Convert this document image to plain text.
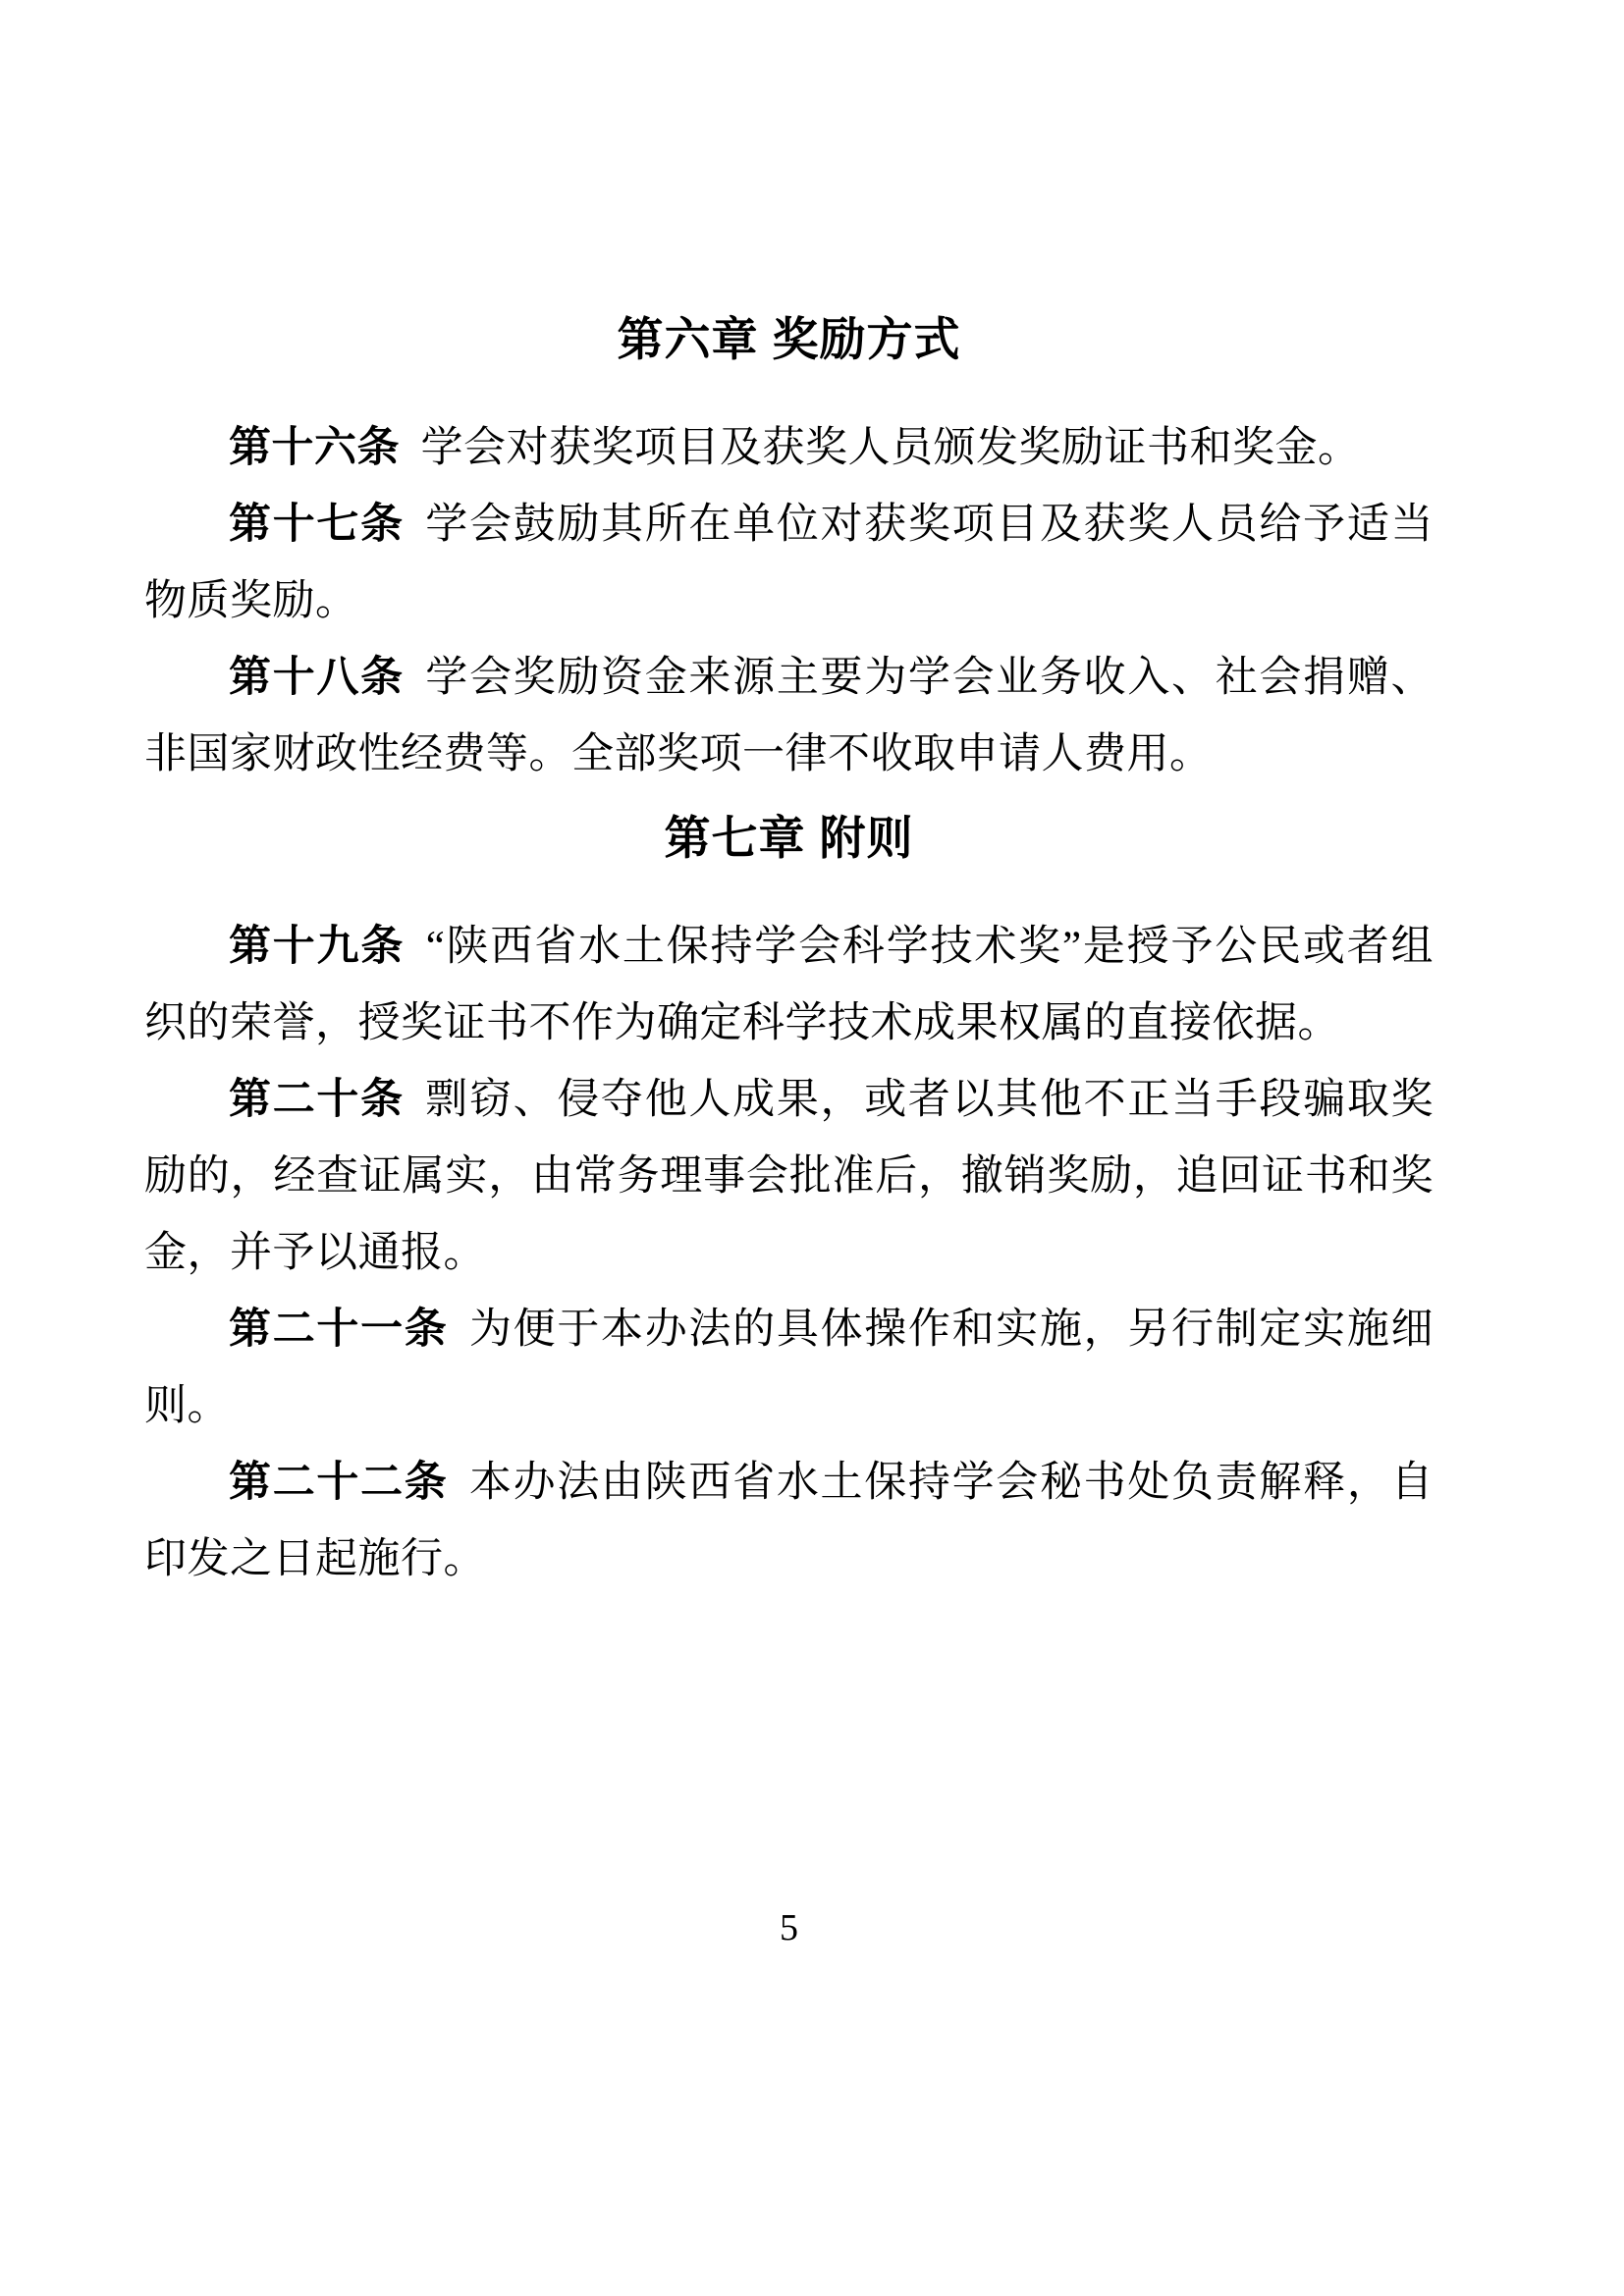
第六章 奖励方式

第十六条 学会对获奖项目及获奖人员颁发奖励证书和奖金。

第十七条 学会鼓励其所在单位对获奖项目及获奖人员给予适当物质奖励。

第十八条 学会奖励资金来源主要为学会业务收入、社会捐赠、非国家财政性经费等。全部奖项一律不收取申请人费用。

第七章 附则

第十九条 “陕西省水土保持学会科学技术奖”是授予公民或者组织的荣誉，授奖证书不作为确定科学技术成果权属的直接依据。

第二十条 剽窃、侵夺他人成果，或者以其他不正当手段骗取奖励的，经查证属实，由常务理事会批准后，撤销奖励，追回证书和奖金，并予以通报。

第二十一条 为便于本办法的具体操作和实施，另行制定实施细则。

第二十二条 本办法由陕西省水土保持学会秘书处负责解释，自印发之日起施行。

5
